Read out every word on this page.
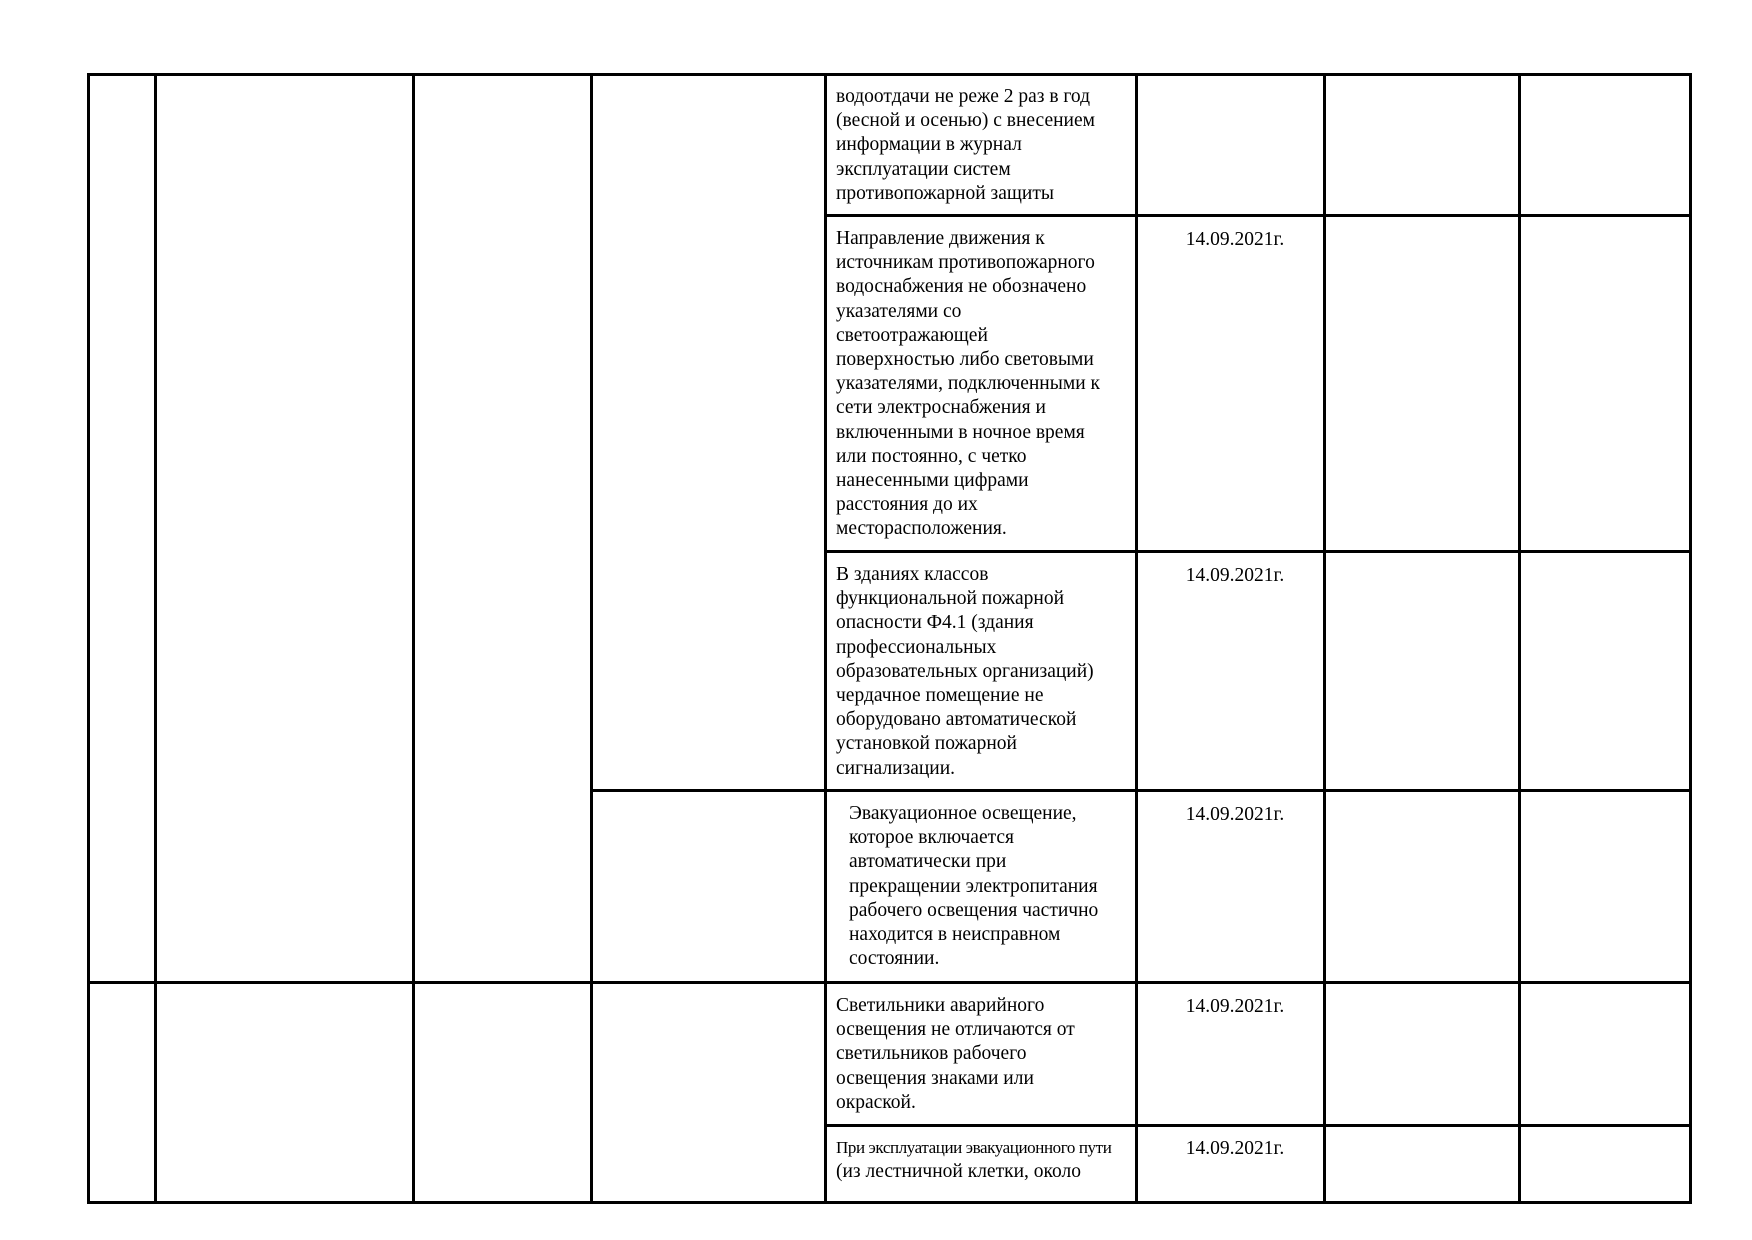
водоотдачи не реже 2 раз в год
(весной и осенью) с внесением
информации в журнал
эксплуатации систем
противопожарной защиты
Направление движения к
источникам противопожарного
водоснабжения не обозначено
указателями со
светоотражающей
поверхностью либо световыми
указателями, подключенными к
сети электроснабжения и
включенными в ночное время
или постоянно, с четко
нанесенными цифрами
расстояния до их
месторасположения.
14.09.2021г.
В зданиях классов
функциональной пожарной
опасности Ф4.1 (здания
профессиональных
образовательных организаций)
чердачное помещение не
оборудовано автоматической
установкой пожарной
сигнализации.
14.09.2021г.
Эвакуационное освещение,
которое включается
автоматически при
прекращении электропитания
рабочего освещения частично
находится в неисправном
состоянии.
14.09.2021г.
Светильники аварийного
освещения не отличаются от
светильников рабочего
освещения знаками или
окраской.
14.09.2021г.
При эксплуатации эвакуационного пути
(из лестничной клетки, около
14.09.2021г.
